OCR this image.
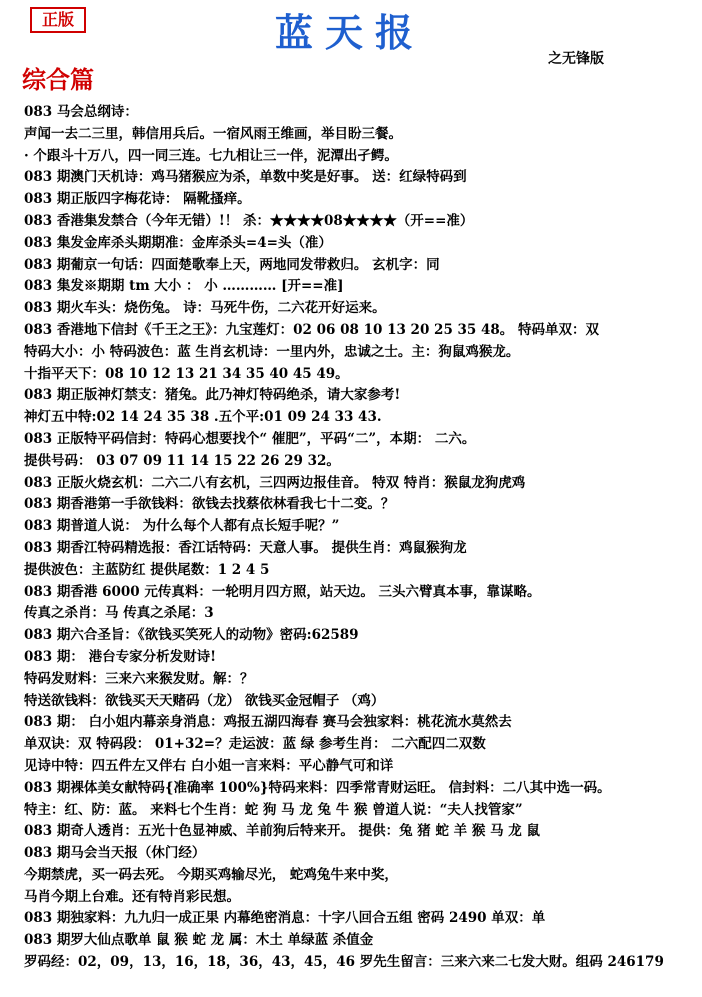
正版	蓝天报
之无锋版
综合篇
083 马会总纲诗：
声闻一去二三里，韩信用兵后。一宿风雨王维画，举目盼三餐。
· 个跟斗十万八，四一同三连。七九相让三一伴，泥潭出孑鳄。
083 期澳门天机诗：鸡马猪猴应为杀，单数中奖是好事。 送：红绿特码到
083 期正版四字梅花诗： 隔靴搔痒。
083 香港集发禁合（今年无错）!！ 杀：★★★★08★★★★（开==准）
083 集发金库杀头期期准：金库杀头=4=头（准）
083 期葡京一句话：四面楚歌奉上天，两地同发带救归。 玄机字：同
083 集发※期期 tm 大小 ： 小 ………… [开==准]
083 期火车头：烧伤兔。 诗：马死牛伤，二六花开好运来。
083 香港地下信封《千王之王》：九宝莲灯：02 06 08 10 13 20 25 35 48。 特码单双：双
特码大小：小 特码波色：蓝 生肖玄机诗：一里内外，忠诚之士。主：狗鼠鸡猴龙。
十指平天下：08 10 12 13 21 34 35 40 45 49。
083 期正版神灯禁支：猪兔。此乃神灯特码绝杀，请大家参考!
神灯五中特:02 14 24 35 38 .五个平:01 09 24 33 43.
083 正版特平码信封：特码心想要找个“ 催肥”，平码“二”，本期： 二六。
提供号码： 03 07 09 11 14 15 22 26 29 32。
083 正版火烧玄机：二六二八有玄机，三四两边报佳音。 特双 特肖：猴鼠龙狗虎鸡
083 期香港第一手欲钱料：欲钱去找蔡依林看我七十二变。？
083 期普道人说： 为什么每个人都有点长短手呢？”
083 期香江特码精选报：香江话特码：天意人事。 提供生肖：鸡鼠猴狗龙
提供波色：主蓝防红 提供尾数：1 2 4 5
083 期香港 6000 元传真料：一轮明月四方照，站天边。 三头六臂真本事，靠谋略。
传真之杀肖：马 传真之杀尾：3
083 期六合圣旨：《欲钱买笑死人的动物》密码:62589
083 期： 港台专家分析发财诗!
特码发财料：三来六来猴发财。解：？
特送欲钱料：欲钱买天天赌码（龙） 欲钱买金冠帽子 （鸡）
083 期： 白小姐内幕亲身消息：鸡报五湖四海春 赛马会独家料：桃花流水莫然去
单双诀：双 特码段： 01+32=？走运波：蓝 绿 参考生肖： 二六配四二双数
见诗中特：四五件左又伴右 白小姐一言来料：平心静气可和详
083 期裸体美女献特码{准确率 100%}特码来料：四季常青财运旺。 信封料：二八其中选一码。
特主：红、防：蓝。 来料七个生肖：蛇 狗 马 龙 兔 牛 猴 曾道人说：“夫人找管家”
083 期奇人透肖：五光十色显神威、羊前狗后特来开。 提供：兔 猪 蛇 羊 猴 马 龙 鼠
083 期马会当天报（休门经）
今期禁虎，买一码去死。 今期买鸡输尽光， 蛇鸡兔牛来中奖，
马肖今期上台难。还有特肖彩民想。
083 期独家料：九九归一成正果 内幕绝密消息：十字八回合五组 密码 2490 单双：单
083 期罗大仙点歌单 鼠 猴 蛇 龙 属：木土 单绿蓝 杀值金
罗码经：02，09，13，16，18，36，43，45，46 罗先生留言：三来六来二七发大财。组码 246179
